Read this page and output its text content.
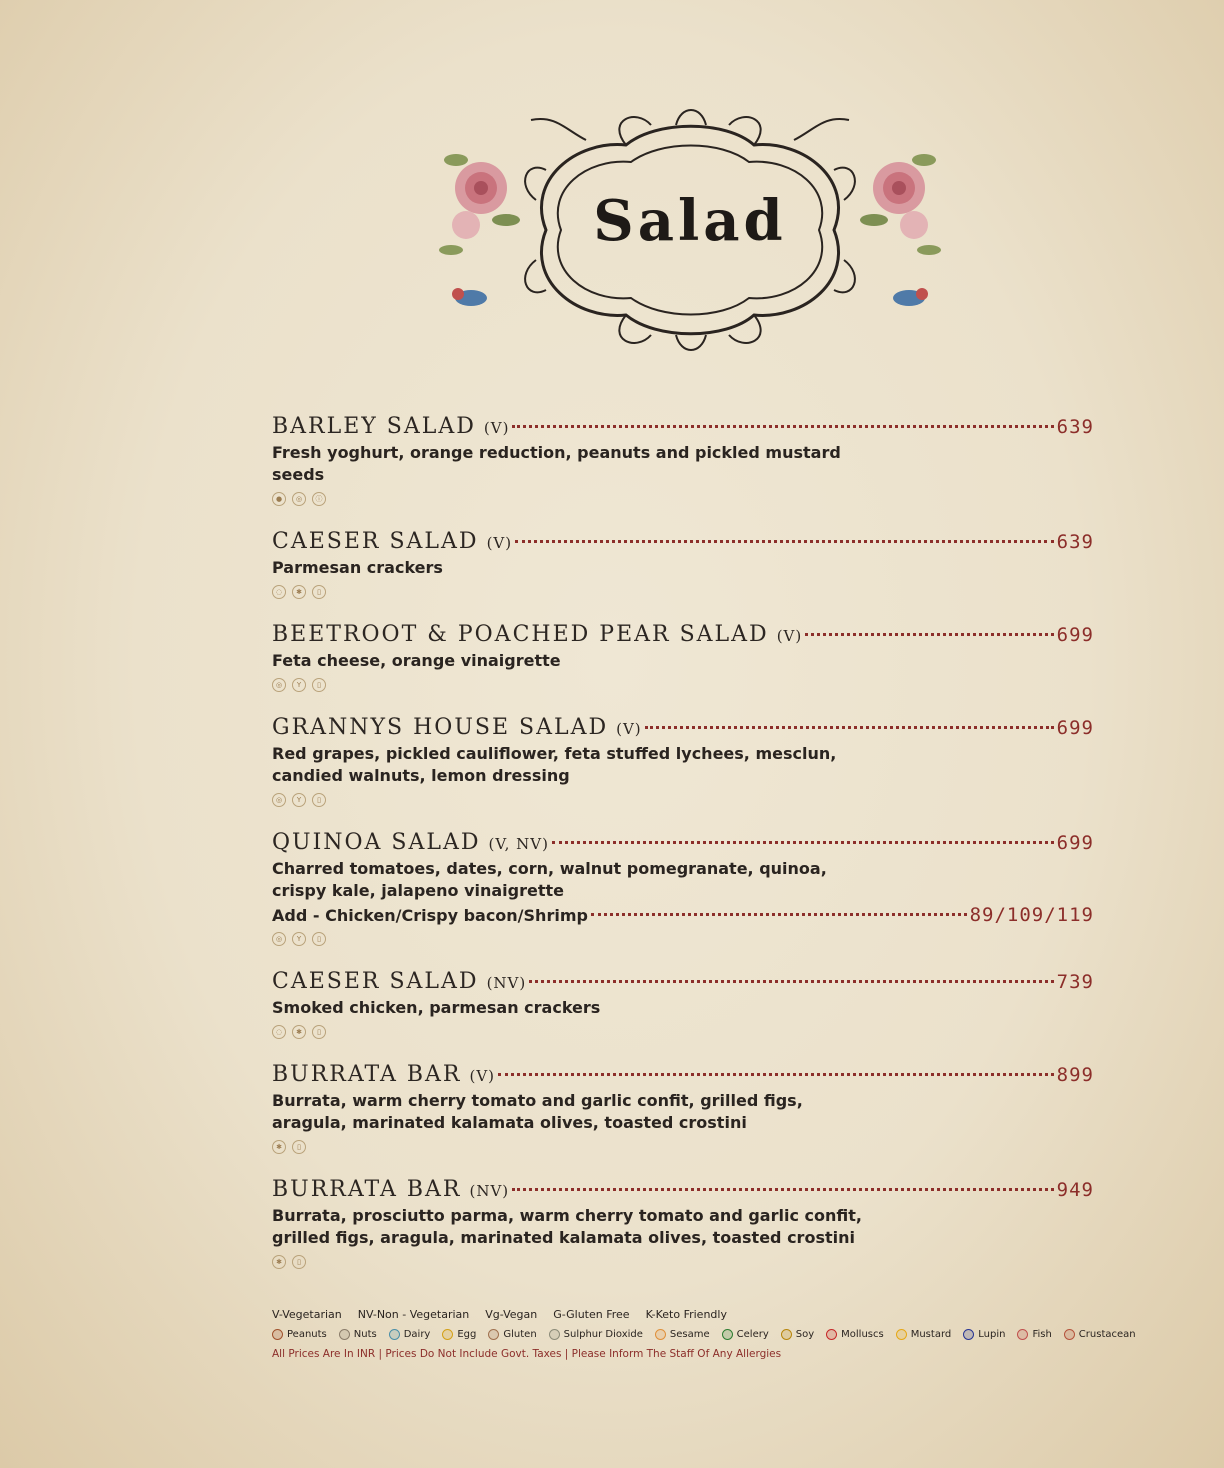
Salad
BARLEY SALAD (V)	639
Fresh yoghurt, orange reduction, peanuts and pickled mustard seeds
●	◎	ⓘ
CAESER SALAD (V)	639
Parmesan crackers
◌	✱	▯
BEETROOT & POACHED PEAR SALAD (V)	699
Feta cheese, orange vinaigrette
◎	Y	▯
GRANNYS HOUSE SALAD (V)	699
Red grapes, pickled cauliflower, feta stuffed lychees, mesclun, candied walnuts, lemon dressing
◎	Y	▯
QUINOA SALAD (V, NV)	699
Charred tomatoes, dates, corn, walnut pomegranate, quinoa, crispy kale, jalapeno vinaigrette
Add - Chicken/Crispy bacon/Shrimp	89/109/119
◎	Y	▯
CAESER SALAD (NV)	739
Smoked chicken, parmesan crackers
◌	✱	▯
BURRATA BAR (V)	899
Burrata, warm cherry tomato and garlic confit, grilled figs, aragula, marinated kalamata olives, toasted crostini
✱	▯
BURRATA BAR (NV)	949
Burrata, prosciutto parma, warm cherry tomato and garlic confit, grilled figs, aragula, marinated kalamata olives, toasted crostini
✱	▯
V-Vegetarian NV-Non - Vegetarian Vg-Vegan G-Gluten Free K-Keto Friendly
Peanuts	Nuts	Dairy	Egg	Gluten	Sulphur Dioxide	Sesame	Celery	Soy	Molluscs	Mustard	Lupin	Fish	Crustacean
All Prices Are In INR | Prices Do Not Include Govt. Taxes | Please Inform The Staff Of Any Allergies
